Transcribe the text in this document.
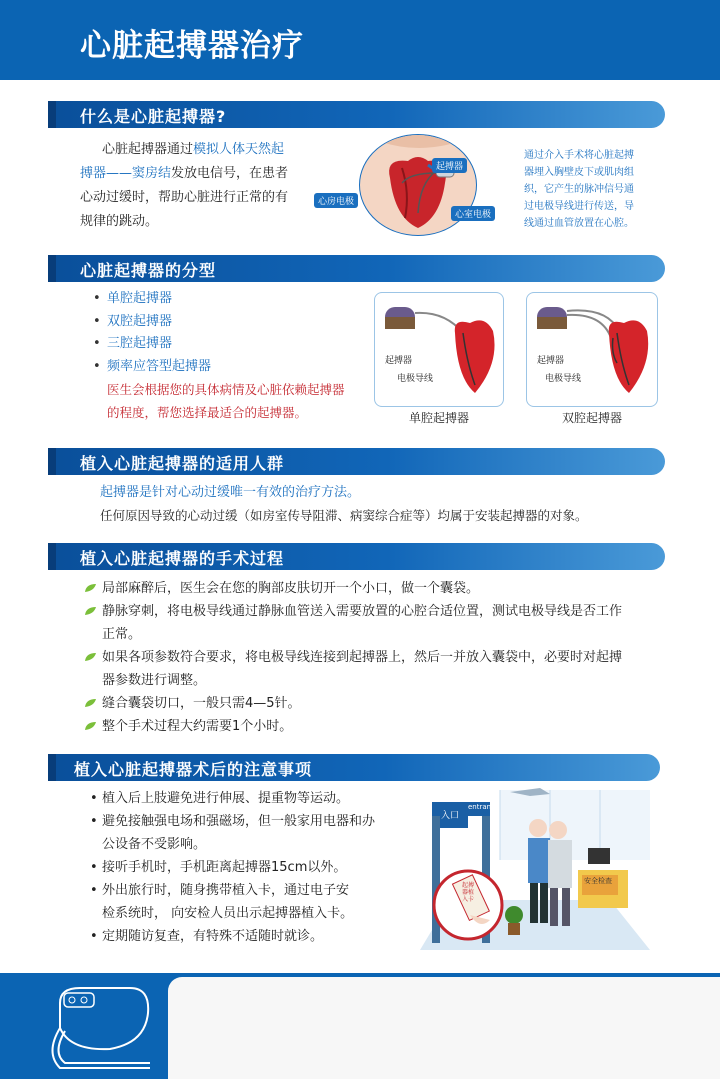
心脏起搏器治疗
什么是心脏起搏器?
心脏起搏器通过模拟人体天然起
搏器——窦房结发放电信号，在患者
心动过缓时，帮助心脏进行正常的有
规律的跳动。
起搏器
心房电极
心室电极
通过介入手术将心脏起搏
器埋入胸壁皮下或肌肉组
织，它产生的脉冲信号通
过电极导线进行传送，导
线通过血管放置在心腔。
心脏起搏器的分型
• 单腔起搏器
• 双腔起搏器
• 三腔起搏器
• 频率应答型起搏器
医生会根据您的具体病情及心脏依赖起搏器
的程度，帮您选择最适合的起搏器。
起搏器
电极导线
单腔起搏器
起搏器
电极导线
双腔起搏器
植入心脏起搏器的适用人群
起搏器是针对心动过缓唯一有效的治疗方法。
任何原因导致的心动过缓（如房室传导阻滞、病窦综合症等）均属于安装起搏器的对象。
植入心脏起搏器的手术过程
局部麻醉后，医生会在您的胸部皮肤切开一个小口，做一个囊袋。
静脉穿刺，将电极导线通过静脉血管送入需要放置的心腔合适位置，测试电极导线是否工作
正常。
如果各项参数符合要求，将电极导线连接到起搏器上，然后一并放入囊袋中，必要时对起搏
器参数进行调整。
缝合囊袋切口，一般只需4—5针。
整个手术过程大约需要1个小时。
植入心脏起搏器术后的注意事项
• 植入后上肢避免进行伸展、提重物等运动。
• 避免接触强电场和强磁场，但一般家用电器和办
公设备不受影响。
• 接听手机时，手机距离起搏器15cm以外。
• 外出旅行时，随身携带植入卡，通过电子安
检系统时， 向安检人员出示起搏器植入卡。
• 定期随访复查，有特殊不适随时就诊。
入口
entrance
起搏器植入卡
安全检查
